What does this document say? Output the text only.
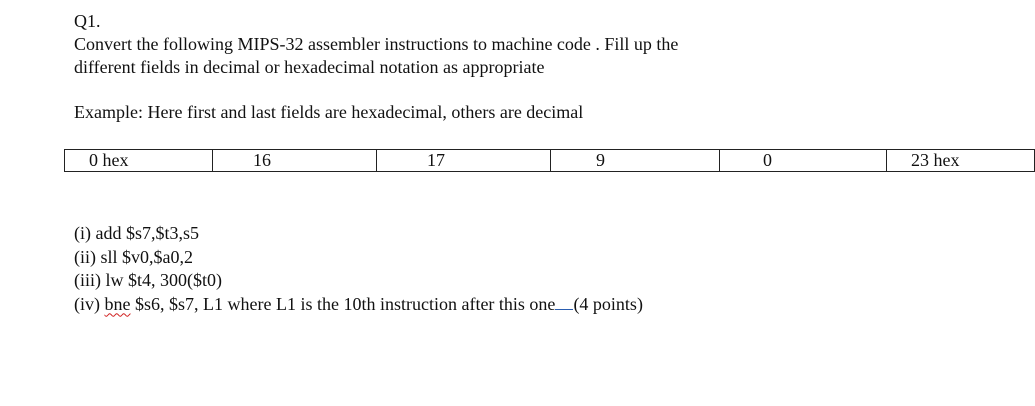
Q1.
Convert the following MIPS-32 assembler instructions to machine code . Fill up the
different fields in decimal or hexadecimal notation as appropriate
Example: Here first and last fields are hexadecimal, others are decimal
0 hex	16	17	9	0	23 hex
(i) add $s7,$t3,s5
(ii) sll $v0,$a0,2
(iii) lw $t4, 300($t0)
(iv) bne $s6, $s7, L1 where L1 is the 10th instruction after this one (4 points)
